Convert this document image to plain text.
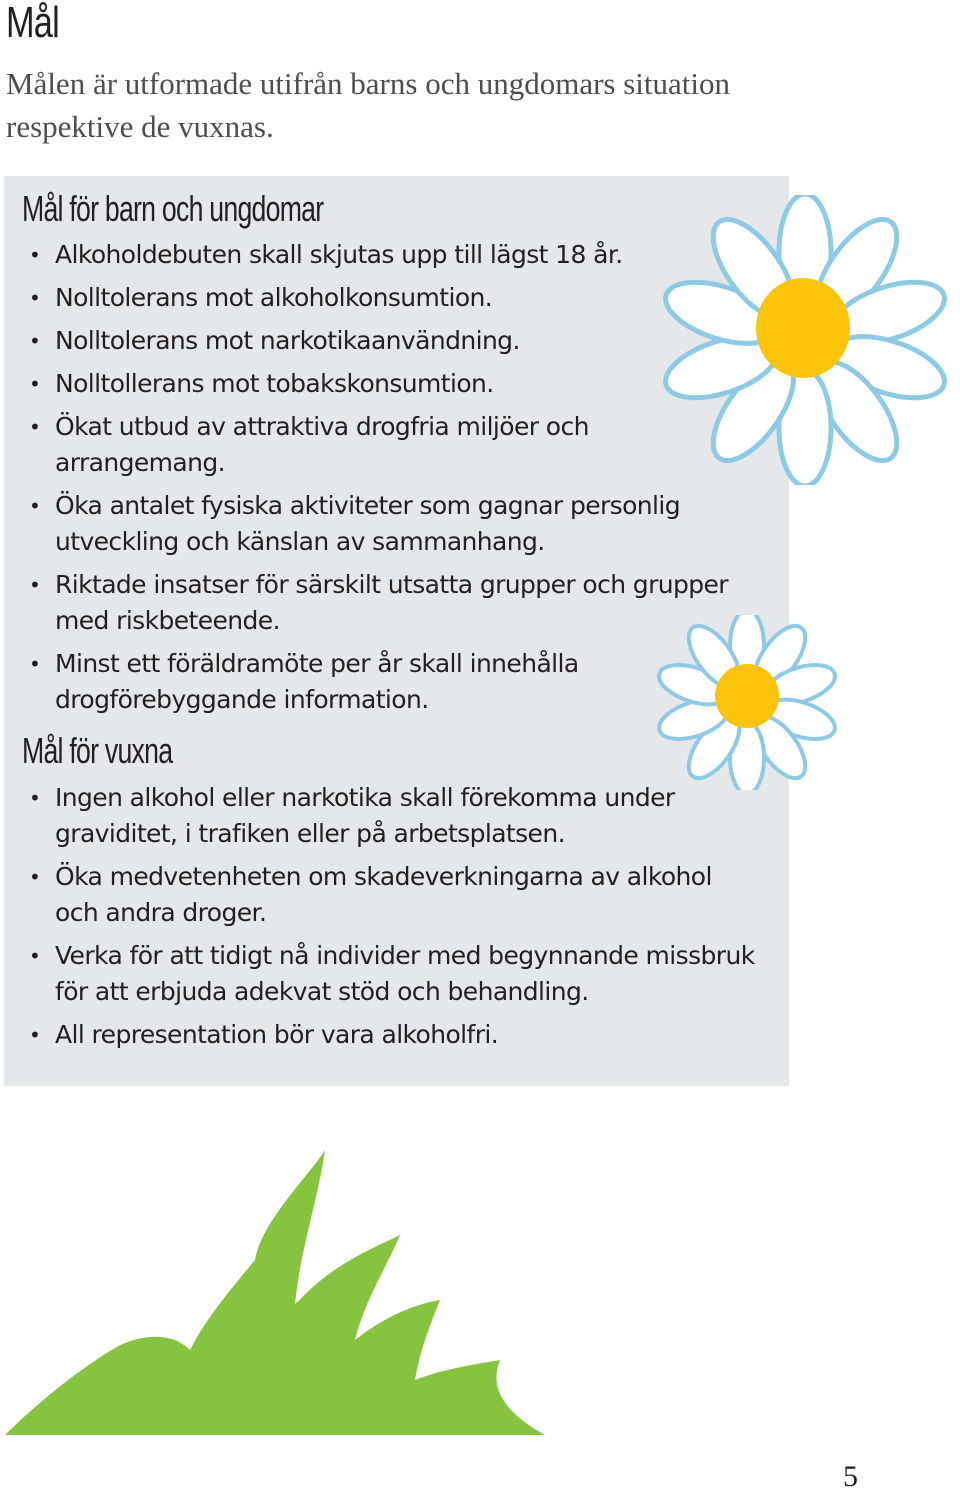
Mål

Målen är utformade utifrån barns och ungdomars situation respektive de vuxnas.

Mål för barn och ungdomar
• Alkoholdebuten skall skjutas upp till lägst 18 år.
• Nolltolerans mot alkoholkonsumtion.
• Nolltolerans mot narkotikaanvändning.
• Nolltollerans mot tobakskonsumtion.
• Ökat utbud av attraktiva drogfria miljöer och arrangemang.
• Öka antalet fysiska aktiviteter som gagnar personlig utveckling och känslan av sammanhang.
• Riktade insatser för särskilt utsatta grupper och grupper med riskbeteende.
• Minst ett föräldramöte per år skall innehålla drogförebyggande information.
Mål för vuxna
• Ingen alkohol eller narkotika skall förekomma under graviditet, i trafiken eller på arbetsplatsen.
• Öka medvetenheten om skadeverkningarna av alkohol och andra droger.
• Verka för att tidigt nå individer med begynnande missbruk för att erbjuda adekvat stöd och behandling.
• All representation bör vara alkoholfri.
5
